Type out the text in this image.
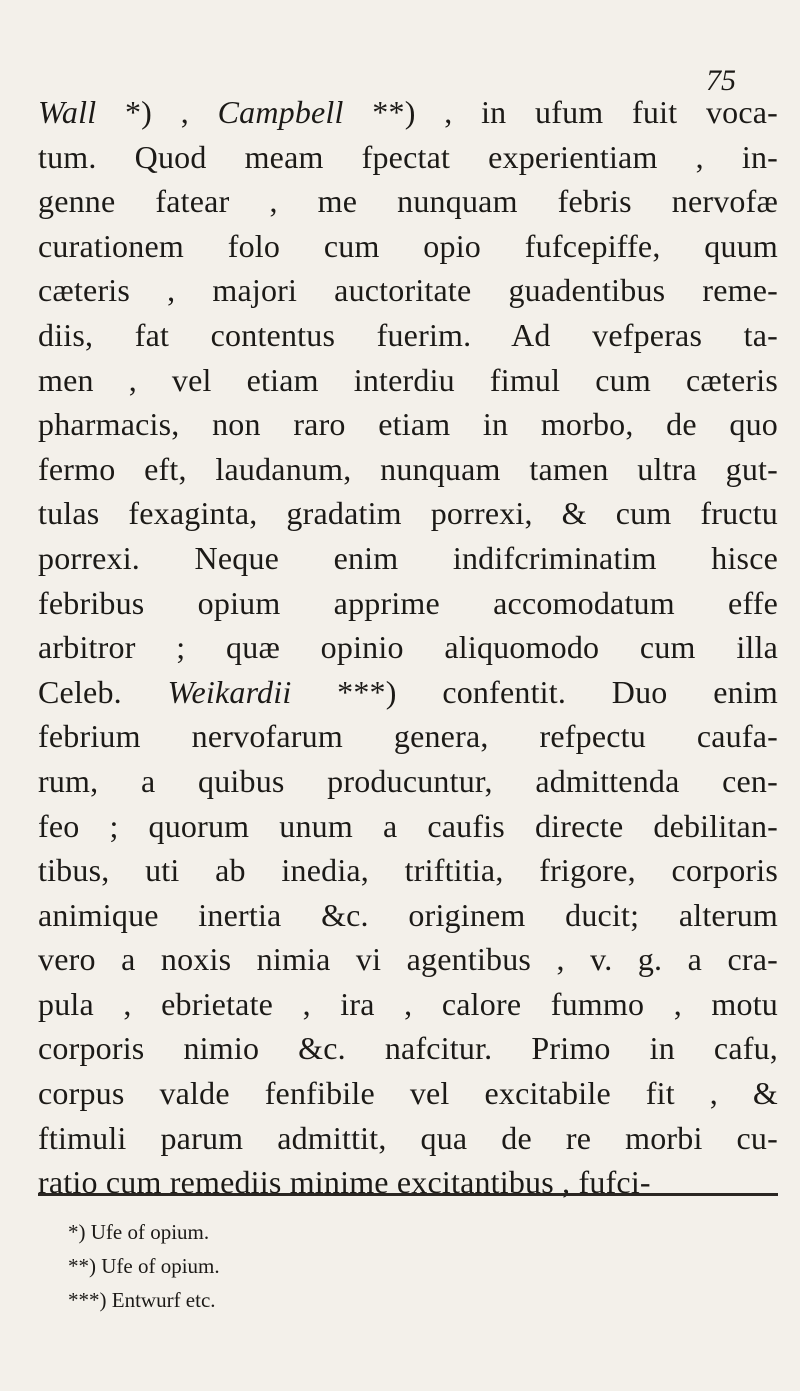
75
Wall *) , Campbell **) , in ufum fuit voca-
tum. Quod meam fpectat experientiam , in-
genne fatear , me nunquam febris nervofæ
curationem folo cum opio fufcepiffe, quum
cæteris , majori auctoritate guadentibus reme-
diis, fat contentus fuerim. Ad vefperas ta-
men , vel etiam interdiu fimul cum cæteris
pharmacis, non raro etiam in morbo, de quo
fermo eft, laudanum, nunquam tamen ultra gut-
tulas fexaginta, gradatim porrexi, & cum fructu
porrexi. Neque enim indifcriminatim hisce
febribus opium apprime accomodatum effe
arbitror ; quæ opinio aliquomodo cum illa
Celeb. Weikardii ***) confentit. Duo enim
febrium nervofarum genera, refpectu caufa-
rum, a quibus producuntur, admittenda cen-
feo ; quorum unum a caufis directe debilitan-
tibus, uti ab inedia, triftitia, frigore, corporis
animique inertia &c. originem ducit; alterum
vero a noxis nimia vi agentibus , v. g. a cra-
pula , ebrietate , ira , calore fummo , motu
corporis nimio &c. nafcitur. Primo in cafu,
corpus valde fenfibile vel excitabile fit , &
ftimuli parum admittit, qua de re morbi cu-
ratio cum remediis minime excitantibus , fufci-
*) Ufe of opium.
**) Ufe of opium.
***) Entwurf etc.
